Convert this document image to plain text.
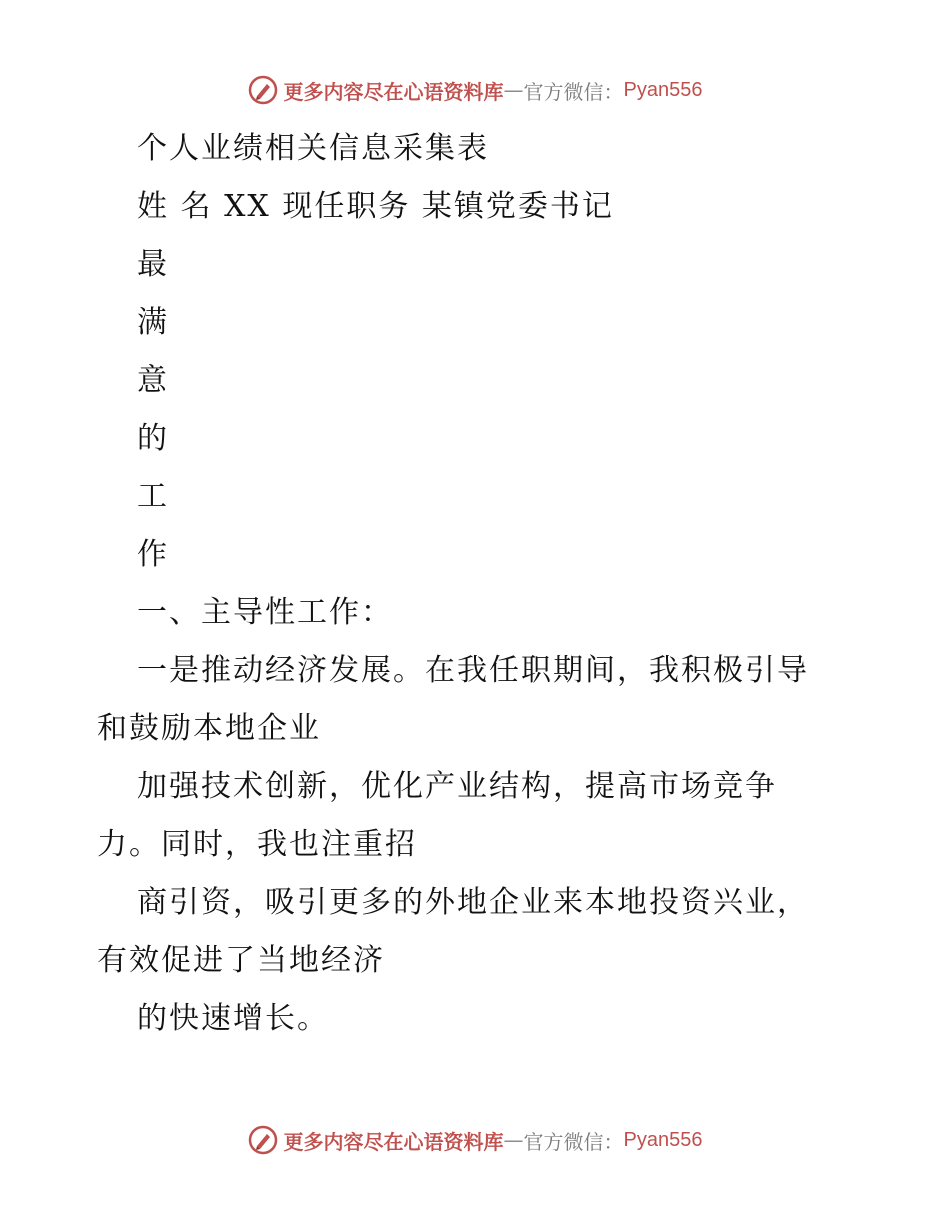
更多内容尽在心语资料库 — 官方微信： Pyan556

个人业绩相关信息采集表

姓 名 XX 现任职务 某镇党委书记

最

满

意

的

工

作

一、主导性工作：

一是推动经济发展。在我任职期间，我积极引导

和鼓励本地企业

加强技术创新，优化产业结构，提高市场竞争

力。同时，我也注重招

商引资，吸引更多的外地企业来本地投资兴业，

有效促进了当地经济

的快速增长。

更多内容尽在心语资料库 — 官方微信： Pyan556
